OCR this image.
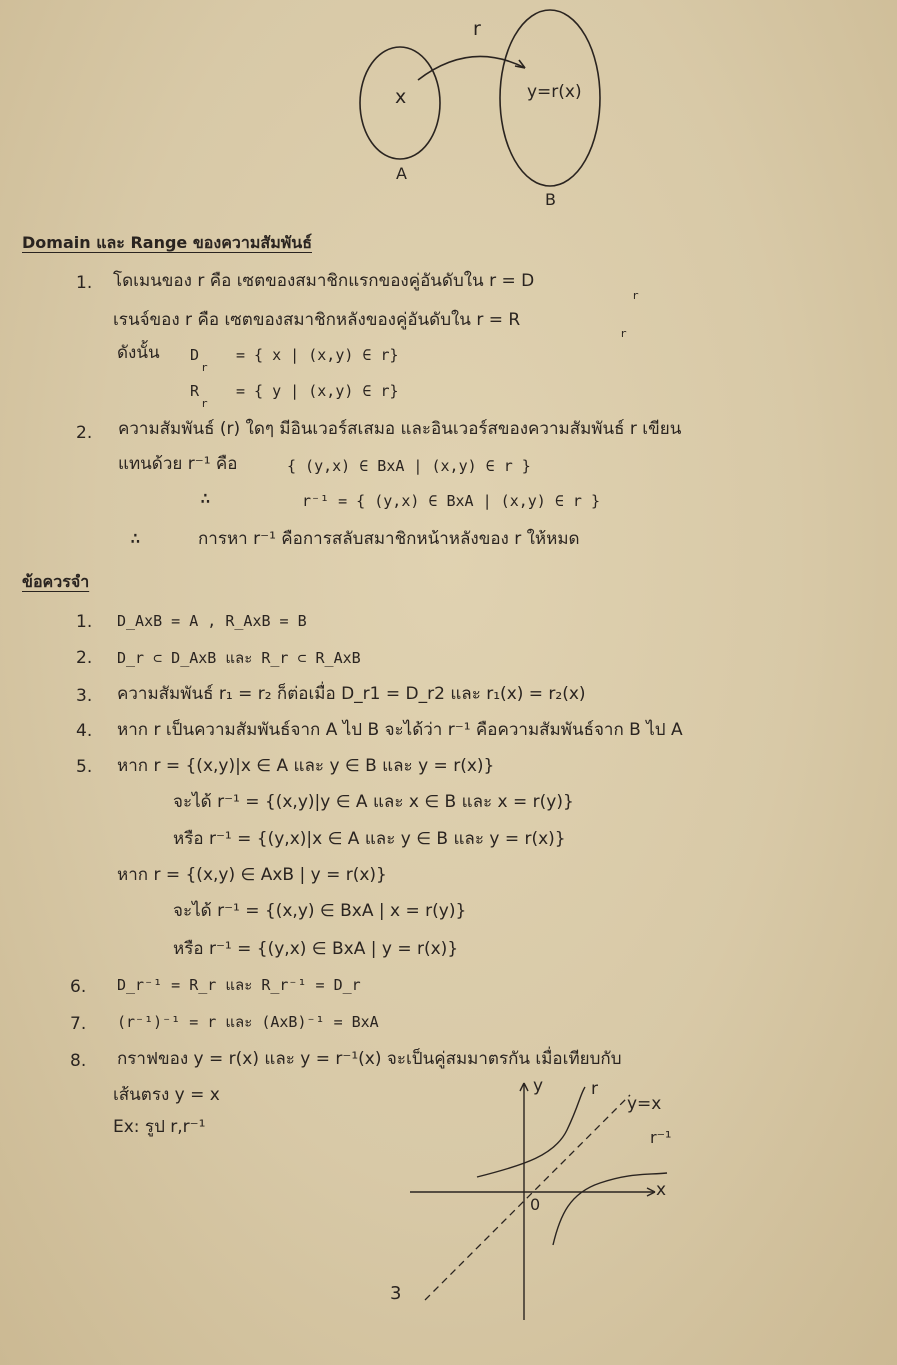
r
x	y=r(x)
A
B
Domain และ Range ของความสัมพันธ์
1. โดเมนของ r คือ เซตของสมาชิกแรกของคู่อันดับใน r = D
r
เรนจ์ของ r คือ เซตของสมาชิกหลังของคู่อันดับใน r = R
r
ดังนั้น D
r
= { x | (x,y) ∈ r}
R
r
= { y | (x,y) ∈ r}
2. ความสัมพันธ์ (r) ใดๆ มีอินเวอร์สเสมอ และอินเวอร์สของความสัมพันธ์ r เขียน
แทนด้วย r⁻¹ คือ	{ (y,x) ∈ BxA | (x,y) ∈ r }
∴	r⁻¹ = { (y,x) ∈ BxA | (x,y) ∈ r }
∴	การหา r⁻¹ คือการสลับสมาชิกหน้าหลังของ r ให้หมด
ข้อควรจำ
1. D_AxB = A , R_AxB = B
2. D_r ⊂ D_AxB และ R_r ⊂ R_AxB
3. ความสัมพันธ์ r₁ = r₂ ก็ต่อเมื่อ D_r1 = D_r2 และ r₁(x) = r₂(x)
4. หาก r เป็นความสัมพันธ์จาก A ไป B จะได้ว่า r⁻¹ คือความสัมพันธ์จาก B ไป A
5. หาก r = {(x,y)|x ∈ A และ y ∈ B และ y = r(x)}
จะได้ r⁻¹ = {(x,y)|y ∈ A และ x ∈ B และ x = r(y)}
หรือ r⁻¹ = {(y,x)|x ∈ A และ y ∈ B และ y = r(x)}
หาก r = {(x,y) ∈ AxB | y = r(x)}
จะได้ r⁻¹ = {(x,y) ∈ BxA | x = r(y)}
หรือ r⁻¹ = {(y,x) ∈ BxA | y = r(x)}
6. D_r⁻¹ = R_r และ R_r⁻¹ = D_r
7. (r⁻¹)⁻¹ = r และ (AxB)⁻¹ = BxA
8. กราฟของ y = r(x) และ y = r⁻¹(x) จะเป็นคู่สมมาตรกัน เมื่อเทียบกับ
เส้นตรง y = x
Ex: รูป r,r⁻¹
y
x
0
r
y=x
r⁻¹
3
